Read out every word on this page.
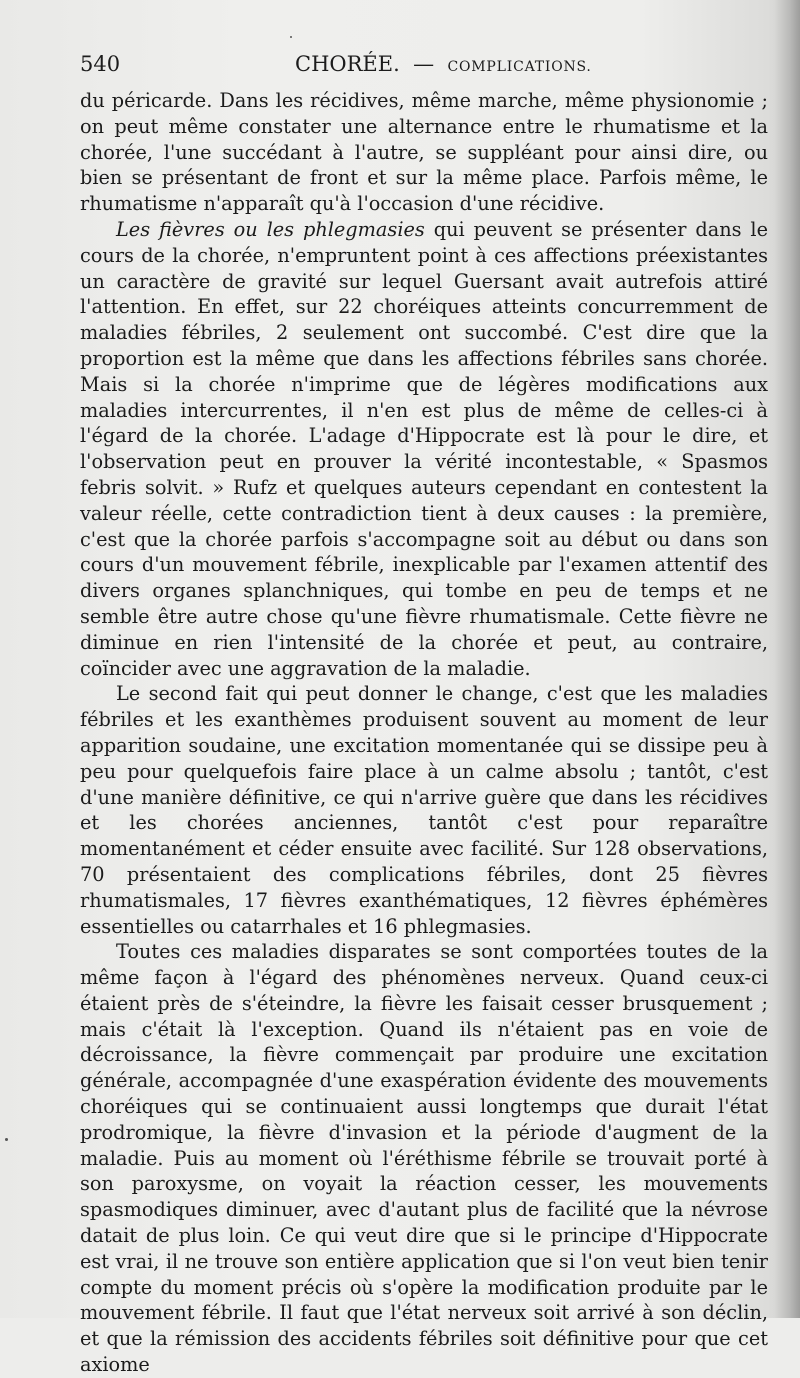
540	CHORÉE. — COMPLICATIONS.

du péricarde. Dans les récidives, même marche, même physionomie ; on peut même constater une alternance entre le rhumatisme et la chorée, l'une succédant à l'autre, se suppléant pour ainsi dire, ou bien se présentant de front et sur la même place. Parfois même, le rhumatisme n'apparaît qu'à l'occasion d'une récidive.

Les fièvres ou les phlegmasies qui peuvent se présenter dans le cours de la chorée, n'empruntent point à ces affections préexistantes un caractère de gravité sur lequel Guersant avait autrefois attiré l'attention. En effet, sur 22 choréiques atteints concurremment de maladies fébriles, 2 seulement ont succombé. C'est dire que la proportion est la même que dans les affections fébriles sans chorée. Mais si la chorée n'imprime que de légères modifications aux maladies intercurrentes, il n'en est plus de même de celles-ci à l'égard de la chorée. L'adage d'Hippocrate est là pour le dire, et l'observation peut en prouver la vérité incontestable, « Spasmos febris solvit. » Rufz et quelques auteurs cependant en contestent la valeur réelle, cette contradiction tient à deux causes : la première, c'est que la chorée parfois s'accompagne soit au début ou dans son cours d'un mouvement fébrile, inexplicable par l'examen attentif des divers organes splanchniques, qui tombe en peu de temps et ne semble être autre chose qu'une fièvre rhumatismale. Cette fièvre ne diminue en rien l'intensité de la chorée et peut, au contraire, coïncider avec une aggravation de la maladie.

Le second fait qui peut donner le change, c'est que les maladies fébriles et les exanthèmes produisent souvent au moment de leur apparition soudaine, une excitation momentanée qui se dissipe peu à peu pour quelquefois faire place à un calme absolu ; tantôt, c'est d'une manière définitive, ce qui n'arrive guère que dans les récidives et les chorées anciennes, tantôt c'est pour reparaître momentanément et céder ensuite avec facilité. Sur 128 observations, 70 présentaient des complications fébriles, dont 25 fièvres rhumatismales, 17 fièvres exanthématiques, 12 fièvres éphémères essentielles ou catarrhales et 16 phlegmasies.

Toutes ces maladies disparates se sont comportées toutes de la même façon à l'égard des phénomènes nerveux. Quand ceux-ci étaient près de s'éteindre, la fièvre les faisait cesser brusquement ; mais c'était là l'exception. Quand ils n'étaient pas en voie de décroissance, la fièvre commençait par produire une excitation générale, accompagnée d'une exaspération évidente des mouvements choréiques qui se continuaient aussi longtemps que durait l'état prodromique, la fièvre d'invasion et la période d'augment de la maladie. Puis au moment où l'éréthisme fébrile se trouvait porté à son paroxysme, on voyait la réaction cesser, les mouvements spasmodiques diminuer, avec d'autant plus de facilité que la névrose datait de plus loin. Ce qui veut dire que si le principe d'Hippocrate est vrai, il ne trouve son entière application que si l'on veut bien tenir compte du moment précis où s'opère la modification produite par le mouvement fébrile. Il faut que l'état nerveux soit arrivé à son déclin, et que la rémission des accidents fébriles soit définitive pour que cet axiome
